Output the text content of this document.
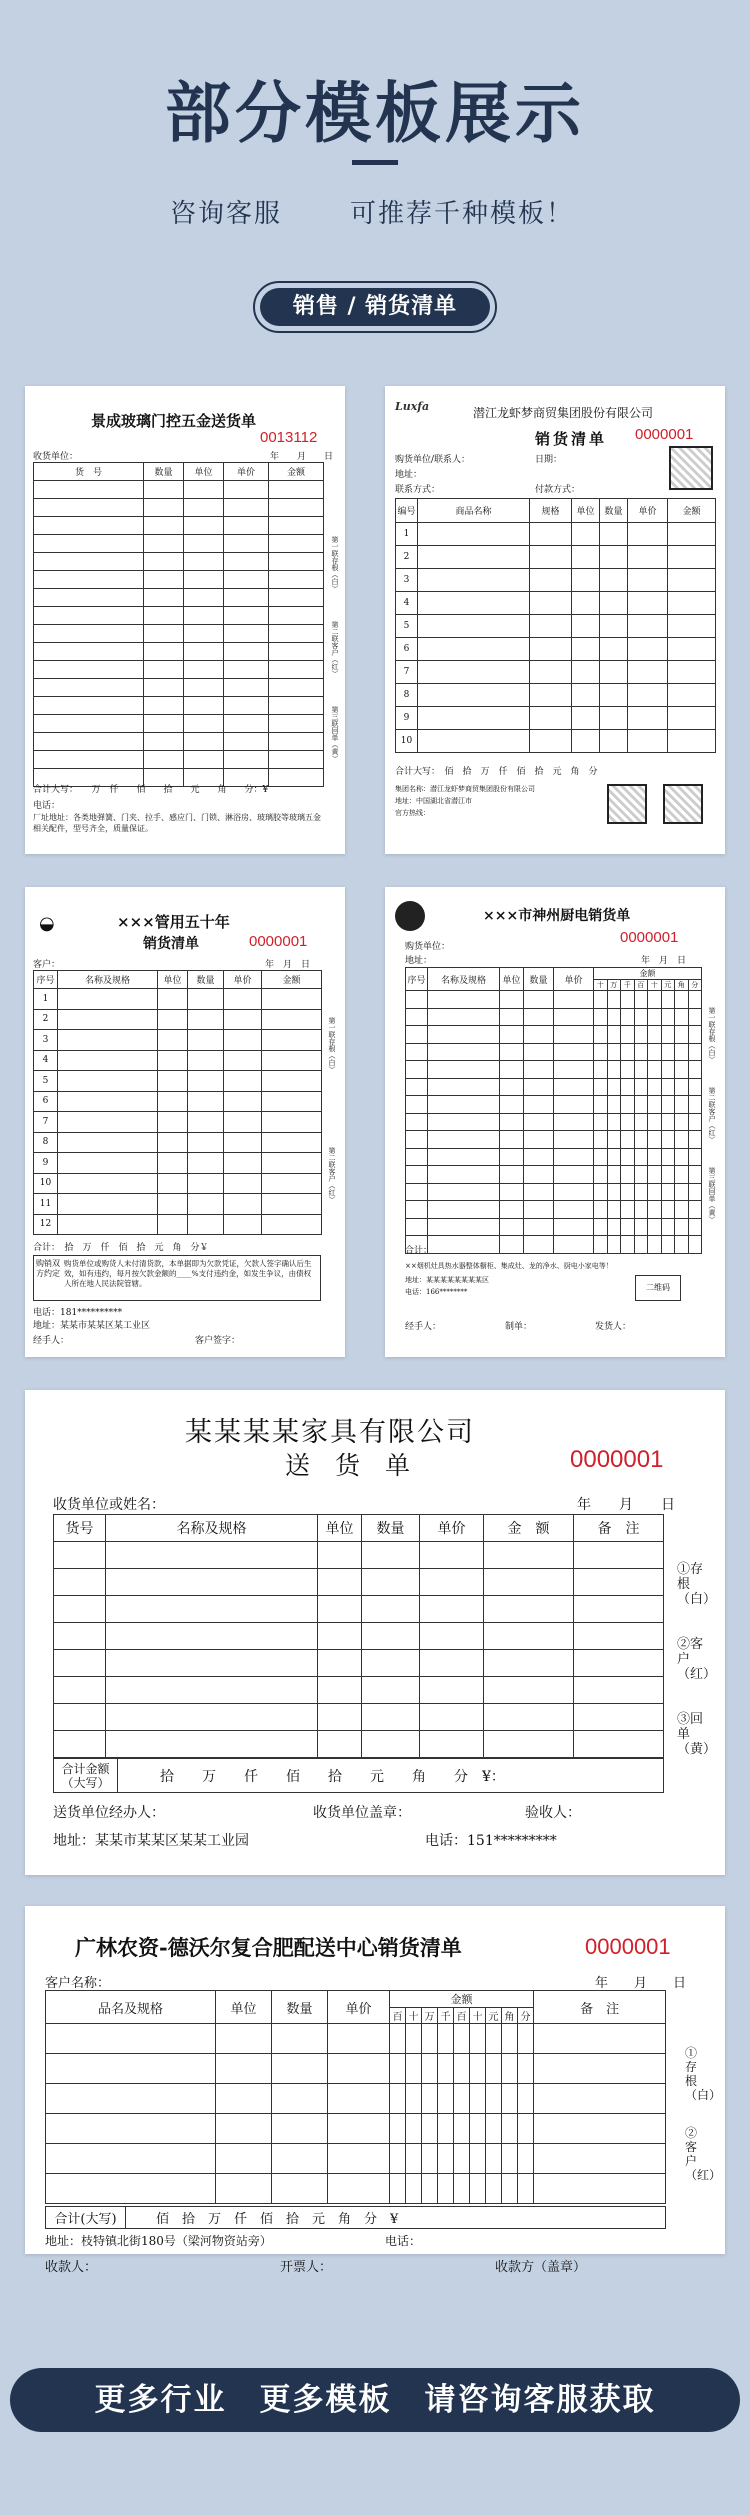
部分模板展示
咨询客服	可推荐千种模板！
销售 / 销货清单
景成玻璃门控五金送货单
0013112
收货单位：	年　　月　　日
货　号	数量	单位	单价	金额

合计大写：　　万　仟　　佰　　拾　　元　　角　　分：¥
电话：
厂址地址：各类地弹簧、门夹、拉手、感应门、门锁、淋浴房、玻璃胶等玻璃五金相关配件，型号齐全，质量保证。
第一联存根（白）
第二联客户（红）
第三联回单（黄）
Luxfa	潜江龙虾梦商贸集团股份有限公司
销货清单 0000001
购货单位/联系人：	日期：
地址：
联系方式：	付款方式：
编号	商品名称	规格	单位	数量	单价	金额
1						
2						
3						
4						
5						
6						
7						
8						
9						
10						
合计大写：　佰　拾　万　仟　佰　拾　元　角　分
集团名称：潜江龙虾梦商贸集团股份有限公司
地址：中国湖北省潜江市
官方热线：
◒	×××管用五十年
销货清单	0000001
客户：	年　月　日
序号	名称及规格	单位	数量	单价	金额
1					
2					
3					
4					
5					
6					
7					
8					
9					
10					
11					
12					
合计：　拾　万　仟　佰　拾　元　角　分￥
购销双方约定
购货单位或购货人未付清货款，本单据即为欠款凭证，欠款人签字确认后生效，如有违约，每月按欠款金额的____%支付违约金，如发生争议，由债权人所在地人民法院管辖。
电话：181**********
地址：某某市某某区某工业区
经手人：	客户签字：
第一联存根（白）
第二联客户（红）
×××市神州厨电销货单
0000001
购货单位：
地址：	年　月　日
序号	名称及规格	单位	数量	单价	金额							
					十	万	千	百	十	元	角	分

合计：
××烟机灶具热水器整体橱柜、集成灶、龙的净水、厨电小家电等！
地址：某某某某某某某某区
电话：166********	二维码
经手人：	制单：	发货人：
第一联存根（白）
第二联客户（红）
第三联回单（黄）
某某某某家具有限公司
送　货　单	0000001
收货单位或姓名：	年　　月　　日
货号	名称及规格	单位	数量	单价	金　额	备　注

合计金额（大写）	拾　　万　　仟　　佰　　拾　　元　　角　　分　¥：
送货单位经办人：	收货单位盖章：	验收人：
地址：某某市某某区某某工业园	电话：151*********
①存根（白）
②客户（红）
③回单（黄）
广林农资-德沃尔复合肥配送中心销货清单	0000001
客户名称：	年　　月　　日
品名及规格	单位	数量	单价	金额									备　注
				百	十	万	千	百	十	元	角	分	

合计(大写)	佰　拾　万　仟　佰　拾　元　角　分　¥
地址：枝特镇北街180号（梁河物资站旁）	电话：
①存根（白）
②客户（红）
收款人：	开票人：	收款方（盖章）
更多行业　更多模板　请咨询客服获取
